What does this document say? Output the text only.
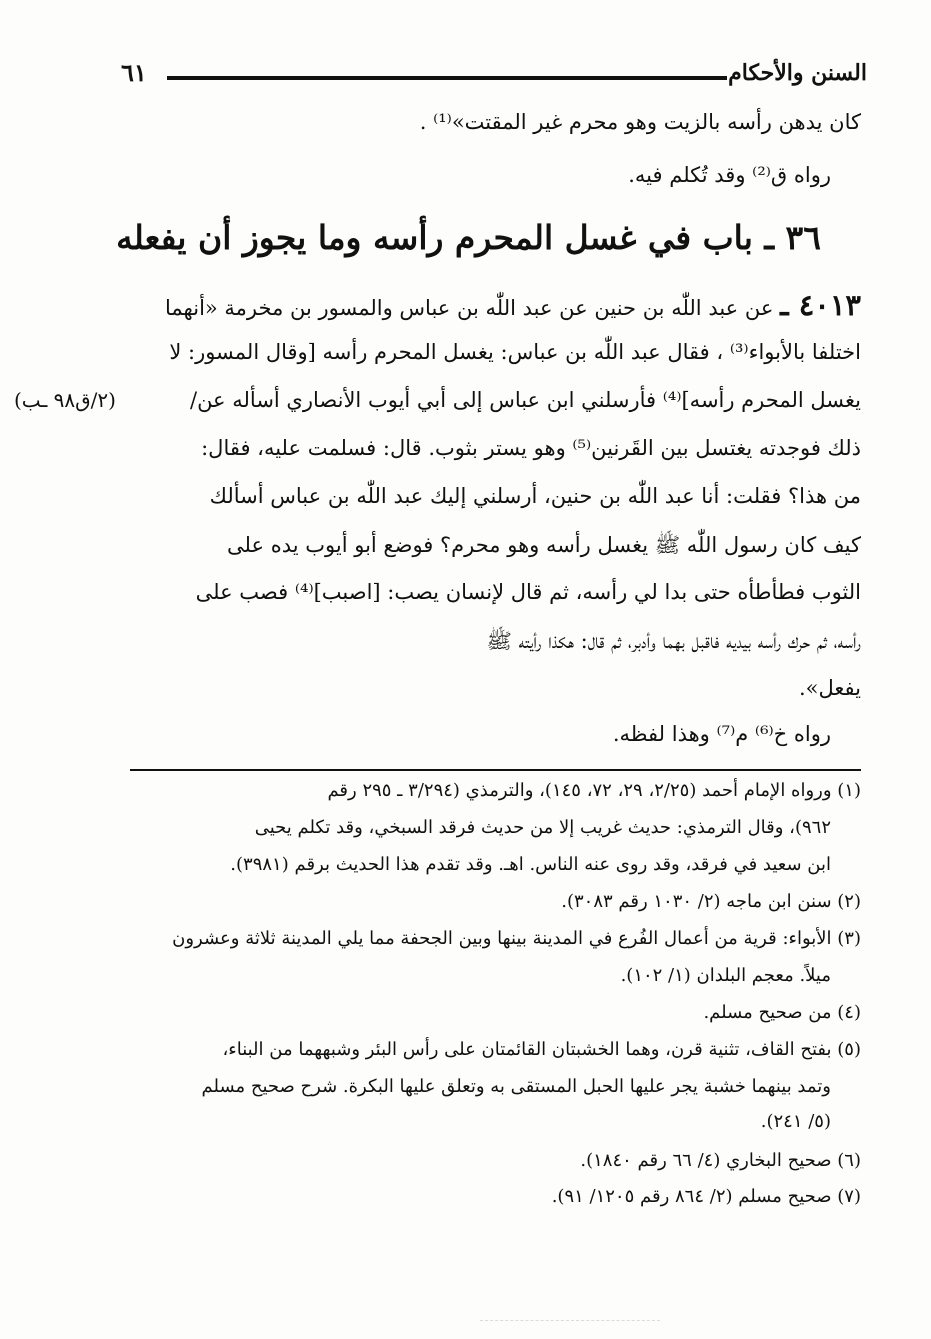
٦١	السنن والأحكام
(٢/ق٩٨ ـب)
كان يدهن رأسه بالزيت وهو محرم غير المقتت»⁽¹⁾ .
رواه ق⁽²⁾ وقد تُكلم فيه.
٣٦ ـ باب في غسل المحرم رأسه وما يجوز أن يفعله
٤٠١٣ ـ عن عبد اللّٰه بن حنين عن عبد اللّٰه بن عباس والمسور بن مخرمة «أنهما
اختلفا بالأبواء⁽³⁾ ، فقال عبد اللّٰه بن عباس: يغسل المحرم رأسه [وقال المسور: لا
يغسل المحرم رأسه]⁽⁴⁾ فأرسلني ابن عباس إلى أبي أيوب الأنصاري أسأله عن/
ذلك فوجدته يغتسل بين القَرنين⁽⁵⁾ وهو يستر بثوب. قال: فسلمت عليه، فقال:
من هذا؟ فقلت: أنا عبد اللّٰه بن حنين، أرسلني إليك عبد اللّٰه بن عباس أسألك
كيف كان رسول اللّٰه ﷺ يغسل رأسه وهو محرم؟ فوضع أبو أيوب يده على
الثوب فطأطأه حتى بدا لي رأسه، ثم قال لإنسان يصب: [اصبب]⁽⁴⁾ فصب على
رأسه، ثم حرك رأسه بيديه فاقبل بهما وأدبر، ثم قال: هكذا رأيته ﷺ
يفعل».
رواه خ⁽⁶⁾ م⁽⁷⁾ وهذا لفظه.
(١) ورواه الإمام أحمد (٢/٢٥، ٢٩، ٧٢، ١٤٥)، والترمذي (٣/٢٩٤ ـ ٢٩٥ رقم
٩٦٢)، وقال الترمذي: حديث غريب إلا من حديث فرقد السبخي، وقد تكلم يحيى
ابن سعيد في فرقد، وقد روى عنه الناس. اهـ. وقد تقدم هذا الحديث برقم (٣٩٨١).
(٢) سنن ابن ماجه (٢/ ١٠٣٠ رقم ٣٠٨٣).
(٣) الأبواء: قرية من أعمال الفُرع في المدينة بينها وبين الجحفة مما يلي المدينة ثلاثة وعشرون
ميلاً. معجم البلدان (١/ ١٠٢).
(٤) من صحيح مسلم.
(٥) بفتح القاف، تثنية قرن، وهما الخشبتان القائمتان على رأس البئر وشبههما من البناء،
وتمد بينهما خشبة يجر عليها الحبل المستقى به وتعلق عليها البكرة. شرح صحيح مسلم
(٥/ ٢٤١).
(٦) صحيح البخاري (٤/ ٦٦ رقم ١٨٤٠).
(٧) صحيح مسلم (٢/ ٨٦٤ رقم ١٢٠٥/ ٩١).
